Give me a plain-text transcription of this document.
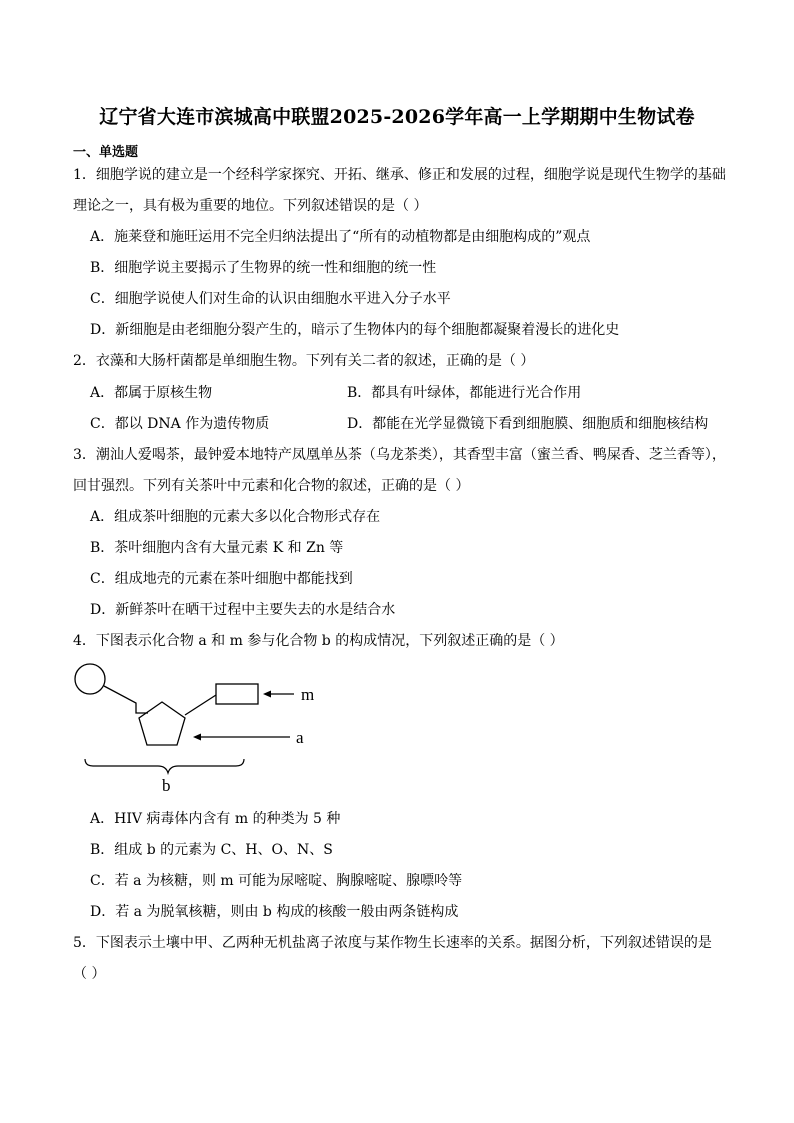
辽宁省大连市滨城高中联盟2025-2026学年高一上学期期中生物试卷
一、单选题
1．细胞学说的建立是一个经科学家探究、开拓、继承、修正和发展的过程，细胞学说是现代生物学的基础
理论之一，具有极为重要的地位。下列叙述错误的是（ ）
A．施莱登和施旺运用不完全归纳法提出了“所有的动植物都是由细胞构成的”观点
B．细胞学说主要揭示了生物界的统一性和细胞的统一性
C．细胞学说使人们对生命的认识由细胞水平进入分子水平
D．新细胞是由老细胞分裂产生的，暗示了生物体内的每个细胞都凝聚着漫长的进化史
2．衣藻和大肠杆菌都是单细胞生物。下列有关二者的叙述，正确的是（ ）
A．都属于原核生物	B．都具有叶绿体，都能进行光合作用
C．都以 DNA 作为遗传物质	D．都能在光学显微镜下看到细胞膜、细胞质和细胞核结构
3．潮汕人爱喝茶，最钟爱本地特产凤凰单丛茶（乌龙茶类），其香型丰富（蜜兰香、鸭屎香、芝兰香等），
回甘强烈。下列有关茶叶中元素和化合物的叙述，正确的是（ ）
A．组成茶叶细胞的元素大多以化合物形式存在
B．茶叶细胞内含有大量元素 K 和 Zn 等
C．组成地壳的元素在茶叶细胞中都能找到
D．新鲜茶叶在晒干过程中主要失去的水是结合水
4．下图表示化合物 a 和 m 参与化合物 b 的构成情况，下列叙述正确的是（ ）
m
a
b
A．HIV 病毒体内含有 m 的种类为 5 种
B．组成 b 的元素为 C、H、O、N、S
C．若 a 为核糖，则 m 可能为尿嘧啶、胸腺嘧啶、腺嘌呤等
D．若 a 为脱氧核糖，则由 b 构成的核酸一般由两条链构成
5．下图表示土壤中甲、乙两种无机盐离子浓度与某作物生长速率的关系。据图分析，下列叙述错误的是
（ ）
